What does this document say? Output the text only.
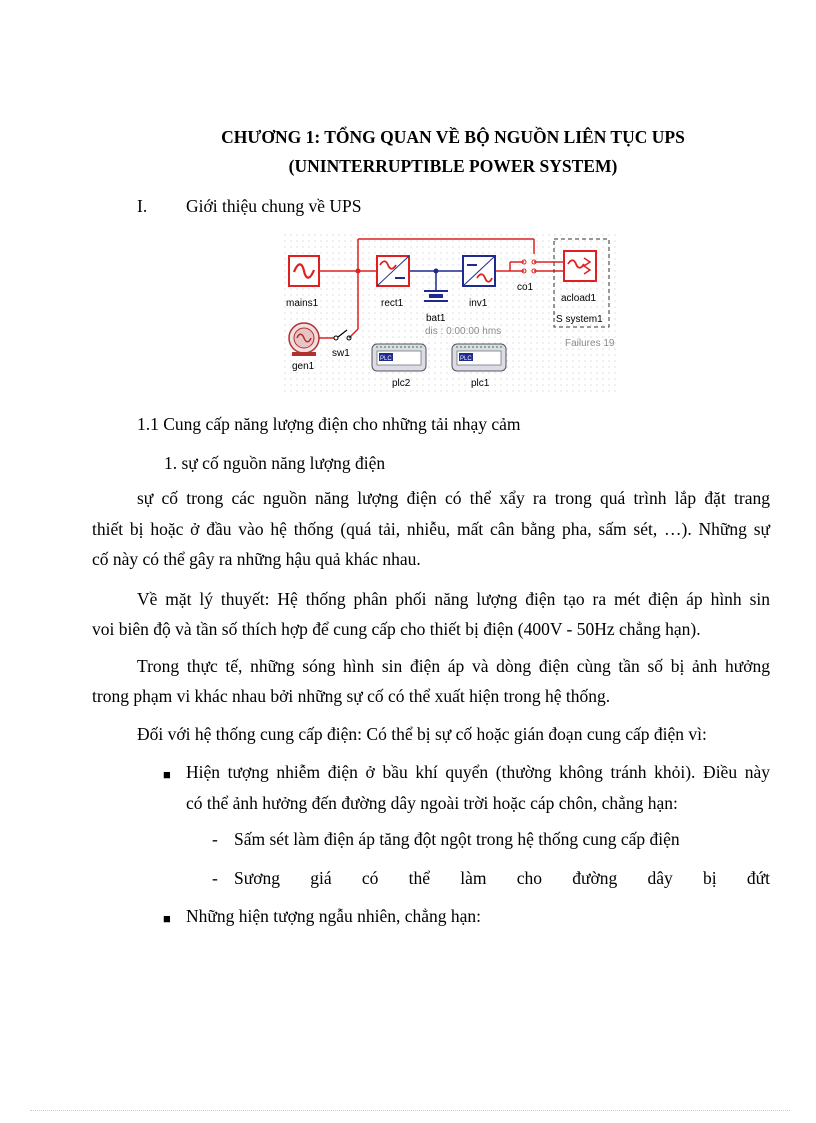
CHƯƠNG 1: TỔNG QUAN VỀ BỘ NGUỒN LIÊN TỤC UPS
(UNINTERRUPTIBLE POWER SYSTEM)
I. Giới thiệu chung về UPS
mains1
gen1
sw1
rect1
bat1
dis : 0:00:00 hms
inv1
co1
acload1
S system1
Failures 19
PLC
plc2
PLC
plc1
1.1 Cung cấp năng lượng điện cho những tải nhạy cảm
1. sự cố nguồn năng lượng điện
sự cố trong các nguồn năng lượng điện có thể xẩy ra trong quá trình lắp đặt trang
thiết bị hoặc ở đầu vào hệ thống (quá tải, nhiễu, mất cân bằng pha, sấm sét, …). Những sự
cố này có thể gây ra những hậu quả khác nhau.
Về mặt lý thuyết: Hệ thống phân phối năng lượng điện tạo ra mét điện áp hình sin
voi biên độ và tần số thích hợp để cung cấp cho thiết bị điện (400V - 50Hz chẳng hạn).
Trong thực tế, những sóng hình sin điện áp và dòng điện cùng tần số bị ảnh hưởng
trong phạm vi khác nhau bởi những sự cố có thể xuất hiện trong hệ thống.
Đối với hệ thống cung cấp điện: Có thể bị sự cố hoặc gián đoạn cung cấp điện vì:
■ Hiện tượng nhiễm điện ở bầu khí quyển (thường không tránh khỏi). Điều này
có thể ảnh hưởng đến đường dây ngoài trời hoặc cáp chôn, chẳng hạn:
- Sấm sét làm điện áp tăng đột ngột trong hệ thống cung cấp điện
- Sương giá có thể làm cho đường dây bị đứt
■ Những hiện tượng ngẫu nhiên, chẳng hạn:
